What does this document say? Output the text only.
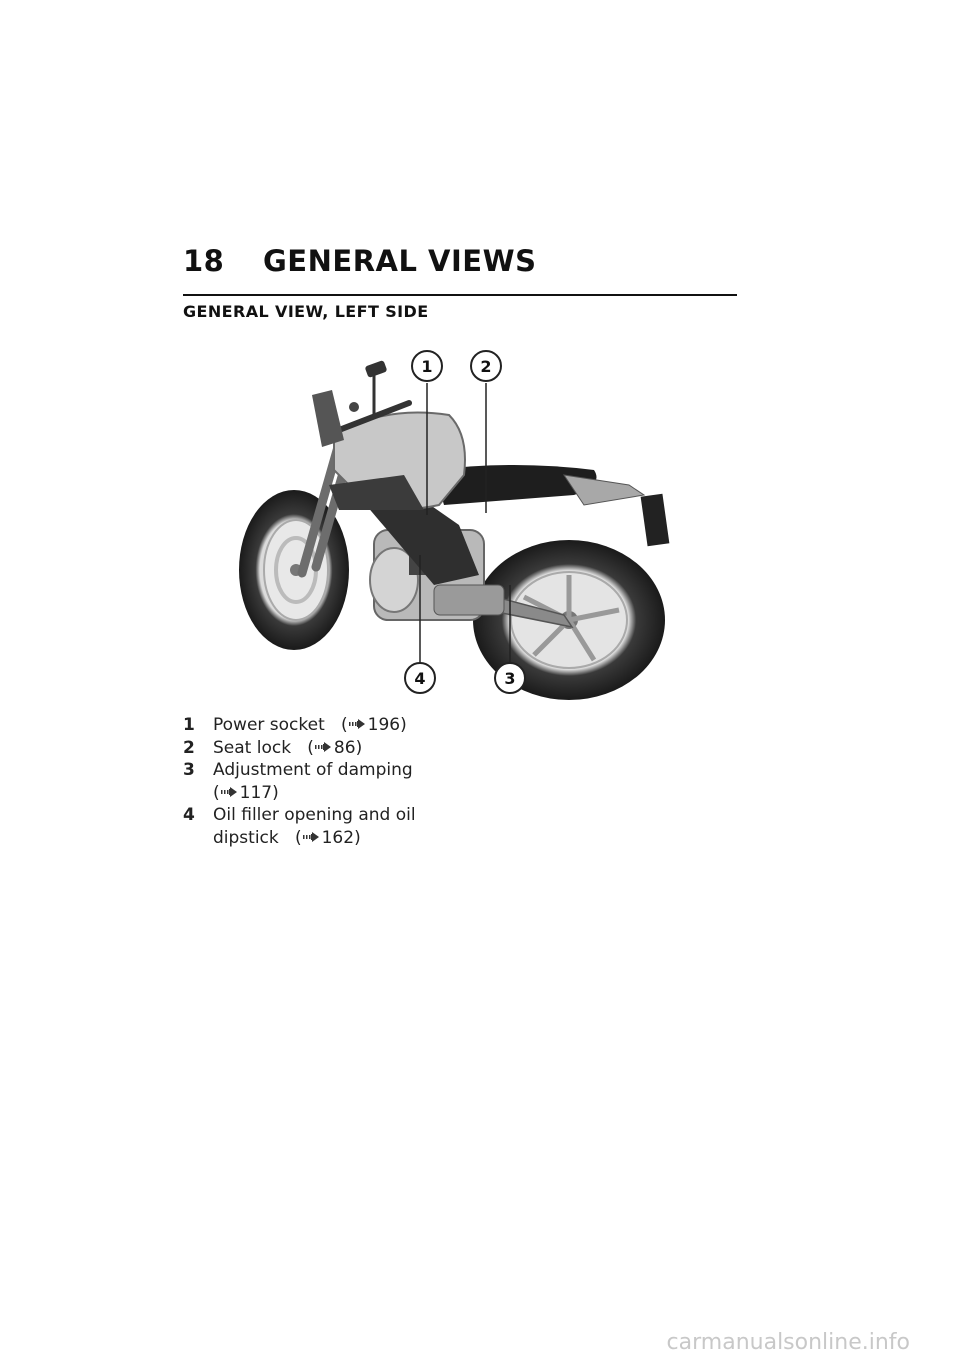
18 GENERAL VIEWS
GENERAL VIEW, LEFT SIDE
1	2
3
4
1 Power socket   ( 196)
2 Seat lock   ( 86)
3 Adjustment of damping
( 117)
4 Oil filler opening and oil dipstick   ( 162)
carmanualsonline.info
